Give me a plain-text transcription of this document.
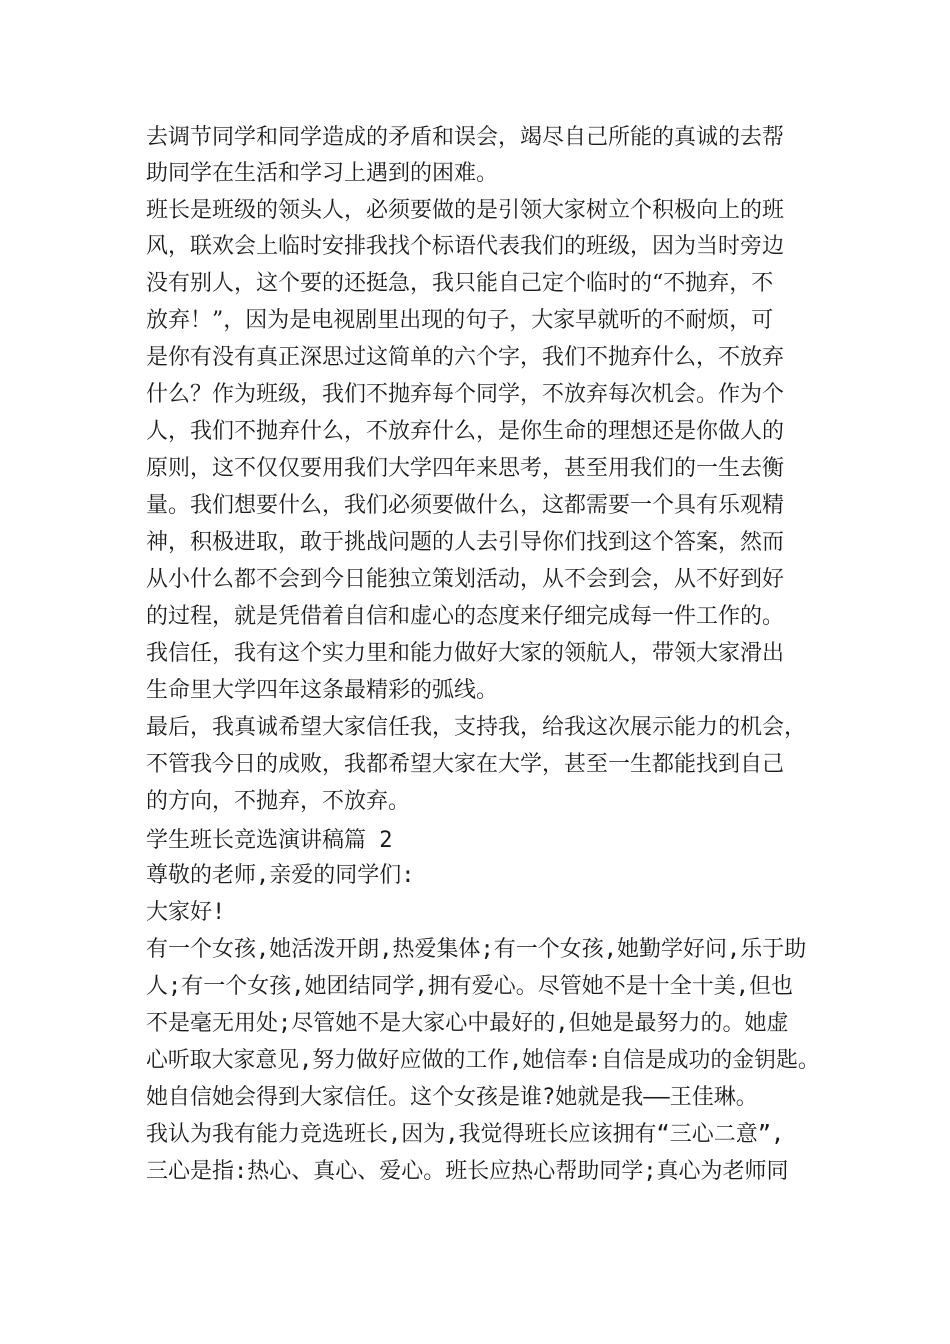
去调节同学和同学造成的矛盾和误会，竭尽自己所能的真诚的去帮
助同学在生活和学习上遇到的困难。
班长是班级的领头人，必须要做的是引领大家树立个积极向上的班
风，联欢会上临时安排我找个标语代表我们的班级，因为当时旁边
没有别人，这个要的还挺急，我只能自己定个临时的“不抛弃，不
放弃！”，因为是电视剧里出现的句子，大家早就听的不耐烦，可
是你有没有真正深思过这简单的六个字，我们不抛弃什么，不放弃
什么？作为班级，我们不抛弃每个同学，不放弃每次机会。作为个
人，我们不抛弃什么，不放弃什么，是你生命的理想还是你做人的
原则，这不仅仅要用我们大学四年来思考，甚至用我们的一生去衡
量。我们想要什么，我们必须要做什么，这都需要一个具有乐观精
神，积极进取，敢于挑战问题的人去引导你们找到这个答案，然而
从小什么都不会到今日能独立策划活动，从不会到会，从不好到好
的过程，就是凭借着自信和虚心的态度来仔细完成每一件工作的。
我信任，我有这个实力里和能力做好大家的领航人，带领大家滑出
生命里大学四年这条最精彩的弧线。
最后，我真诚希望大家信任我，支持我，给我这次展示能力的机会，
不管我今日的成败，我都希望大家在大学，甚至一生都能找到自己
的方向，不抛弃，不放弃。
学生班长竞选演讲稿篇 2
尊敬的老师,亲爱的同学们:
大家好!
有一个女孩,她活泼开朗,热爱集体;有一个女孩,她勤学好问,乐于助
人;有一个女孩,她团结同学,拥有爱心。尽管她不是十全十美,但也
不是毫无用处;尽管她不是大家心中最好的,但她是最努力的。她虚
心听取大家意见,努力做好应做的工作,她信奉:自信是成功的金钥匙。
她自信她会得到大家信任。这个女孩是谁?她就是我——王佳琳。
我认为我有能力竞选班长,因为,我觉得班长应该拥有“三心二意”,
三心是指:热心、真心、爱心。班长应热心帮助同学;真心为老师同
